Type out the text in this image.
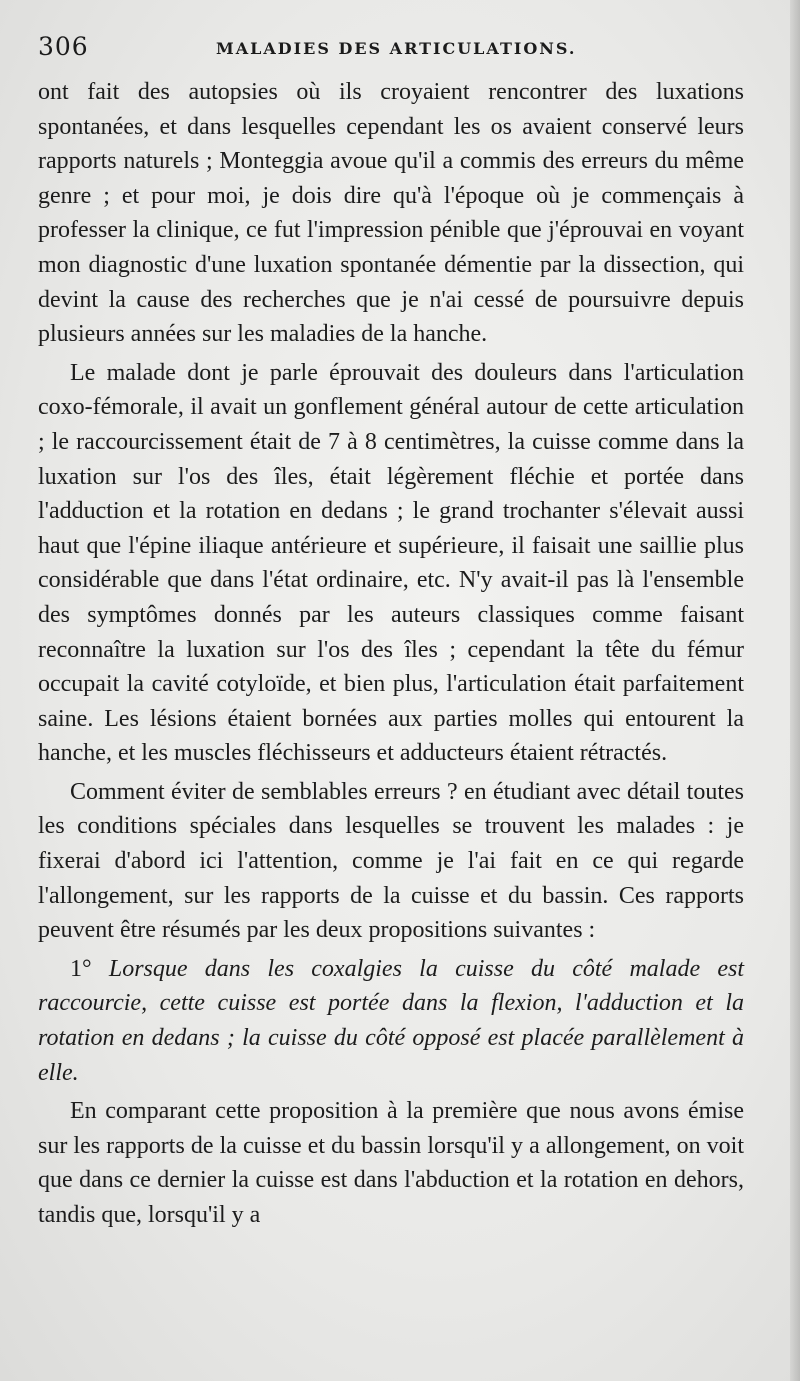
306	MALADIES DES ARTICULATIONS.

ont fait des autopsies où ils croyaient rencontrer des luxations spontanées, et dans lesquelles cependant les os avaient conservé leurs rapports naturels ; Monteggia avoue qu'il a commis des erreurs du même genre ; et pour moi, je dois dire qu'à l'époque où je commençais à professer la clinique, ce fut l'impression pénible que j'éprouvai en voyant mon diagnostic d'une luxation spontanée démentie par la dissection, qui devint la cause des recherches que je n'ai cessé de poursuivre depuis plusieurs années sur les maladies de la hanche.

Le malade dont je parle éprouvait des douleurs dans l'articulation coxo-fémorale, il avait un gonflement général autour de cette articulation ; le raccourcissement était de 7 à 8 centimètres, la cuisse comme dans la luxation sur l'os des îles, était légèrement fléchie et portée dans l'adduction et la rotation en dedans ; le grand trochanter s'élevait aussi haut que l'épine iliaque antérieure et supérieure, il faisait une saillie plus considérable que dans l'état ordinaire, etc. N'y avait-il pas là l'ensemble des symptômes donnés par les auteurs classiques comme faisant reconnaître la luxation sur l'os des îles ; cependant la tête du fémur occupait la cavité cotyloïde, et bien plus, l'articulation était parfaitement saine. Les lésions étaient bornées aux parties molles qui entourent la hanche, et les muscles fléchisseurs et adducteurs étaient rétractés.

Comment éviter de semblables erreurs ? en étudiant avec détail toutes les conditions spéciales dans lesquelles se trouvent les malades : je fixerai d'abord ici l'attention, comme je l'ai fait en ce qui regarde l'allongement, sur les rapports de la cuisse et du bassin. Ces rapports peuvent être résumés par les deux propositions suivantes :

1° Lorsque dans les coxalgies la cuisse du côté malade est raccourcie, cette cuisse est portée dans la flexion, l'adduction et la rotation en dedans ; la cuisse du côté opposé est placée parallèlement à elle.

En comparant cette proposition à la première que nous avons émise sur les rapports de la cuisse et du bassin lorsqu'il y a allongement, on voit que dans ce dernier la cuisse est dans l'abduction et la rotation en dehors, tandis que, lorsqu'il y a
